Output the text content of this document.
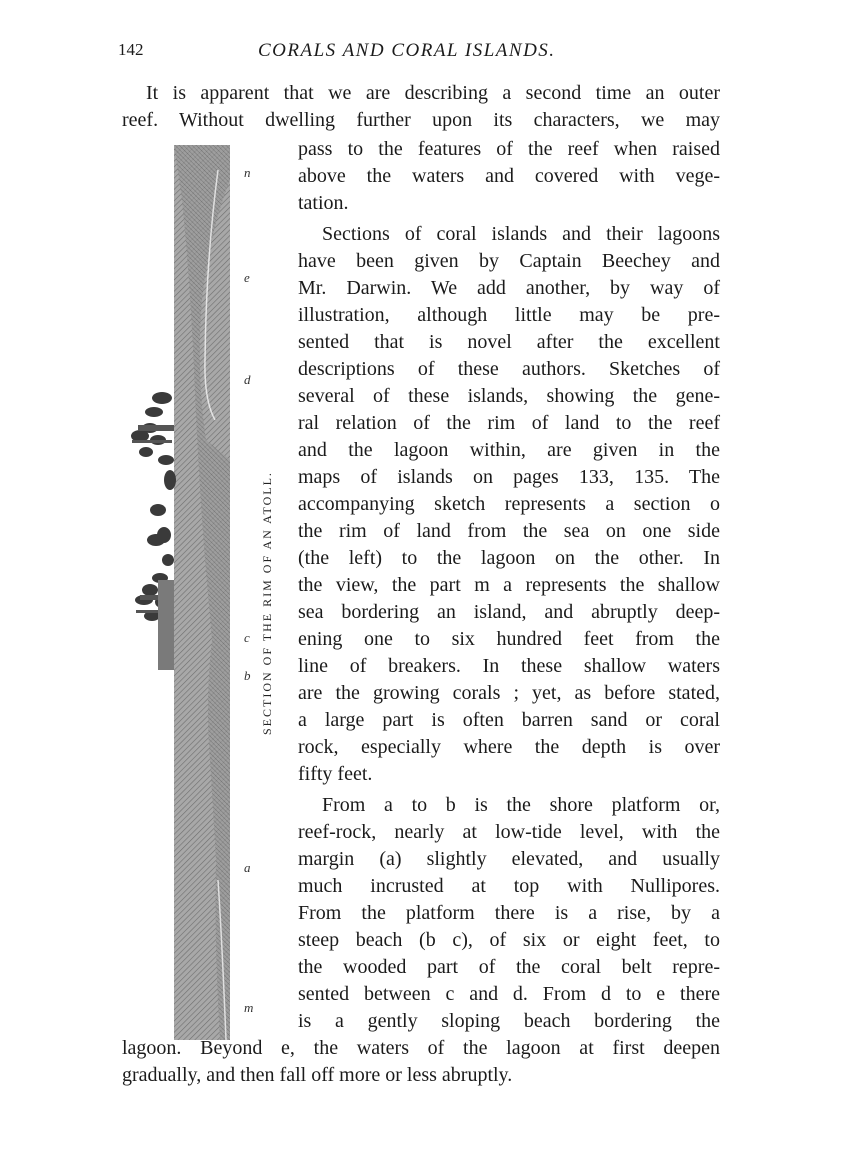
142	CORALS AND CORAL ISLANDS.
n
e
d
c
b
a
m
SECTION OF THE RIM OF AN ATOLL.
It is apparent that we are describing a second time an outer
reef. Without dwelling further upon its characters, we may
pass to the features of the reef when raised
above the waters and covered with vege-
tation.
Sections of coral islands and their lagoons
have been given by Captain Beechey and
Mr. Darwin. We add another, by way of
illustration, although little may be pre-
sented that is novel after the excellent
descriptions of these authors. Sketches of
several of these islands, showing the gene-
ral relation of the rim of land to the reef
and the lagoon within, are given in the
maps of islands on pages 133, 135. The
accompanying sketch represents a section o
the rim of land from the sea on one side
(the left) to the lagoon on the other. In
the view, the part m a represents the shallow
sea bordering an island, and abruptly deep-
ening one to six hundred feet from the
line of breakers. In these shallow waters
are the growing corals ; yet, as before stated,
a large part is often barren sand or coral
rock, especially where the depth is over
fifty feet.
From a to b is the shore platform or,
reef-rock, nearly at low-tide level, with the
margin (a) slightly elevated, and usually
much incrusted at top with Nullipores.
From the platform there is a rise, by a
steep beach (b c), of six or eight feet, to
the wooded part of the coral belt repre-
sented between c and d. From d to e there
is a gently sloping beach bordering the
lagoon. Beyond e, the waters of the lagoon at first deepen
gradually, and then fall off more or less abruptly.
